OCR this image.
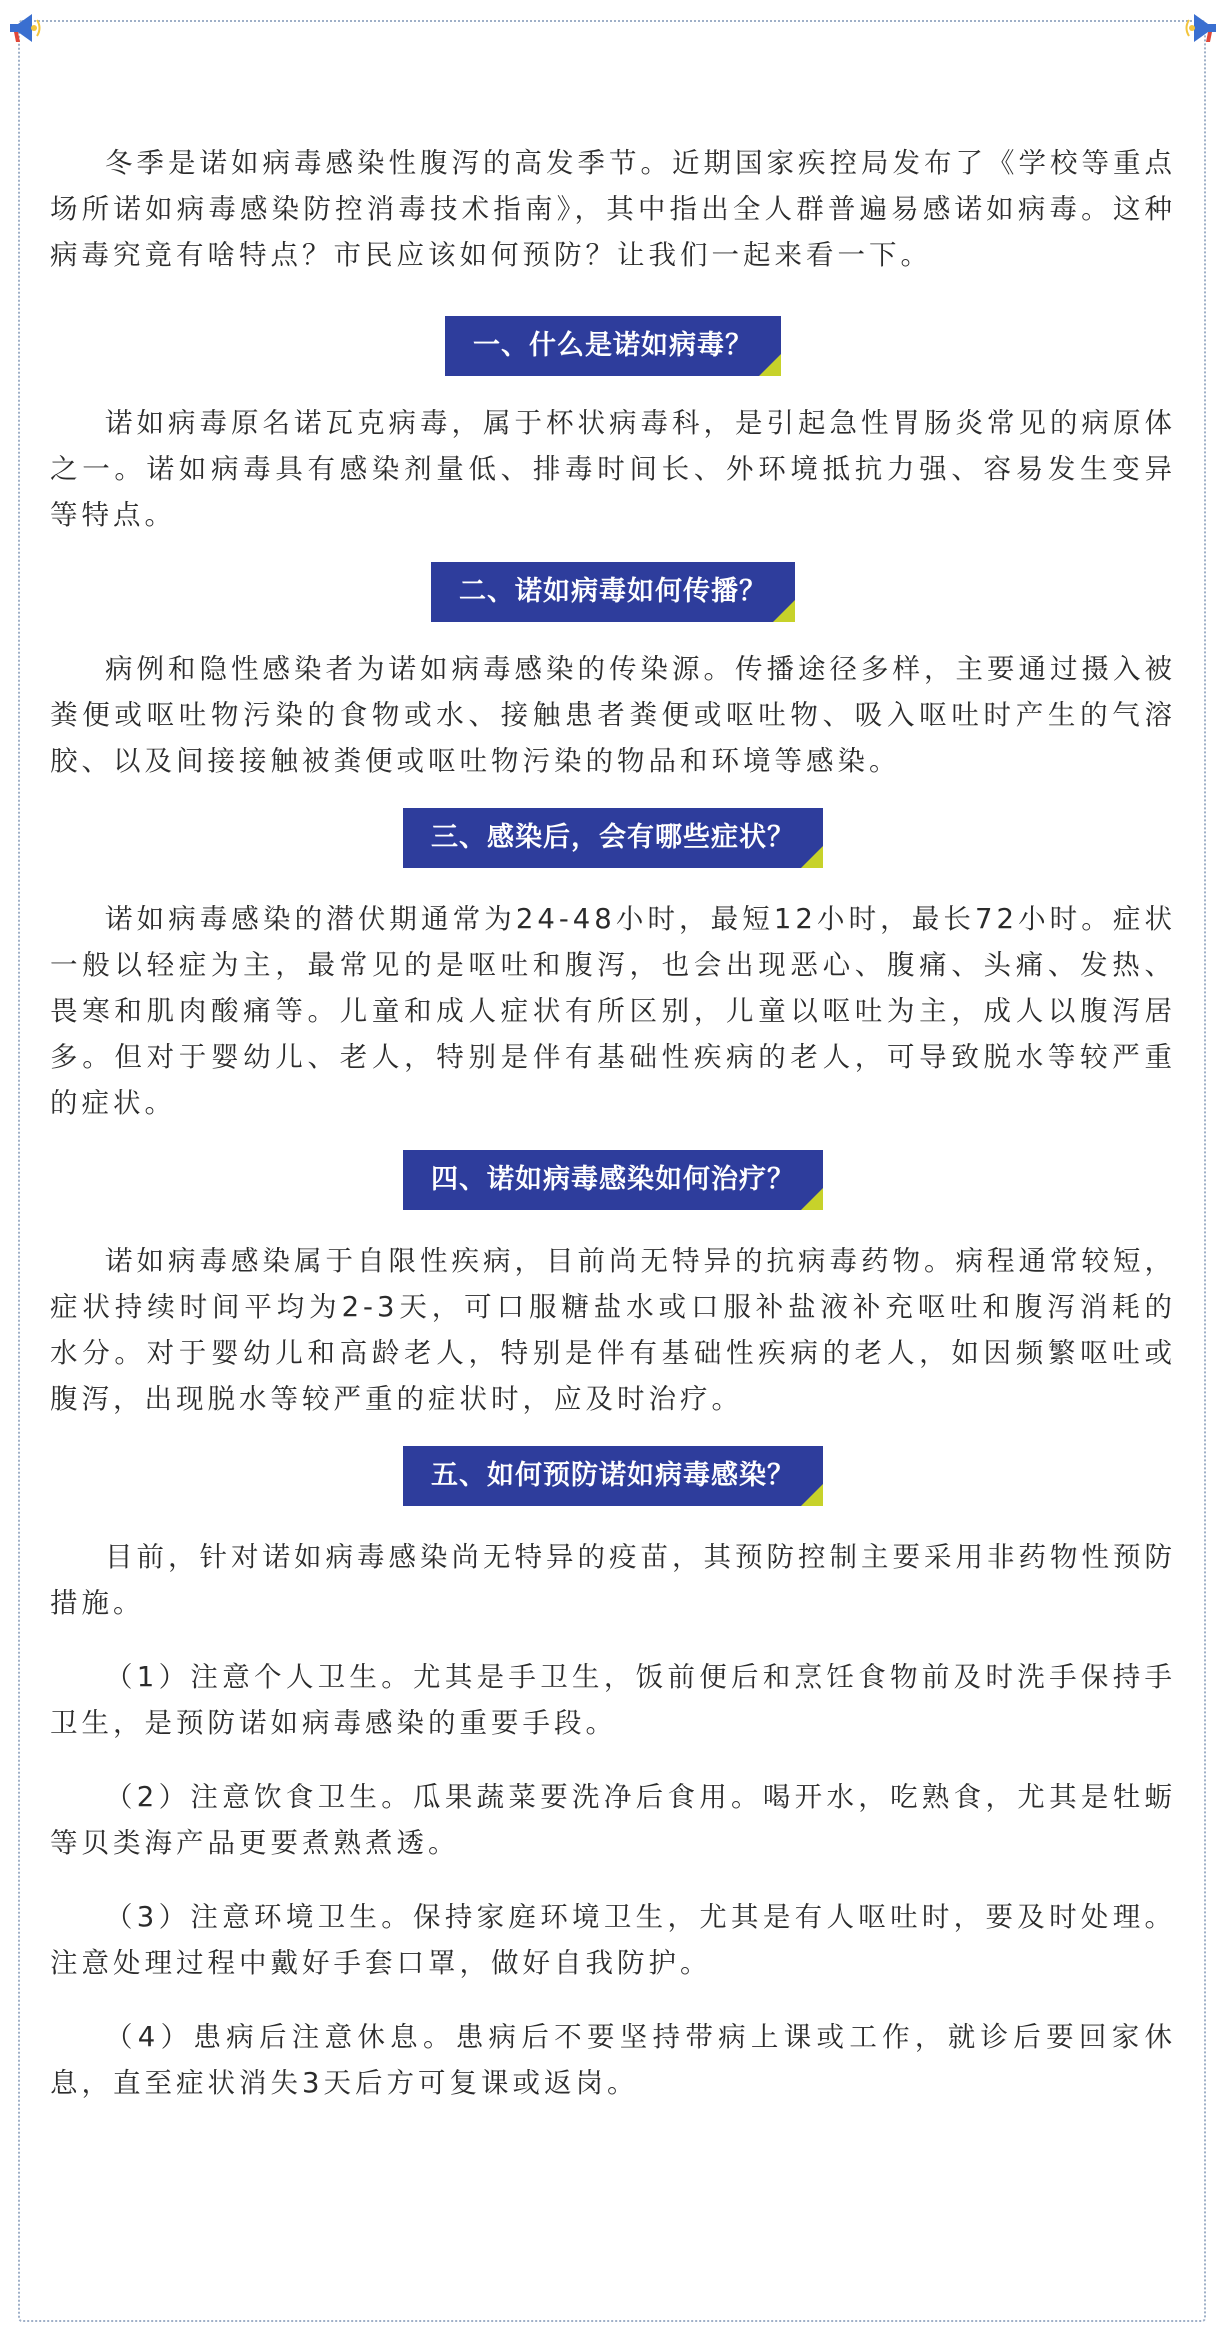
冬季是诺如病毒感染性腹泻的高发季节。近期国家疾控局发布了《学校等重点场所诺如病毒感染防控消毒技术指南》，其中指出全人群普遍易感诺如病毒。这种病毒究竟有啥特点？市民应该如何预防？让我们一起来看一下。

一、什么是诺如病毒？

诺如病毒原名诺瓦克病毒，属于杯状病毒科，是引起急性胃肠炎常见的病原体之一。诺如病毒具有感染剂量低、排毒时间长、外环境抵抗力强、容易发生变异等特点。

二、诺如病毒如何传播？

病例和隐性感染者为诺如病毒感染的传染源。传播途径多样，主要通过摄入被粪便或呕吐物污染的食物或水、接触患者粪便或呕吐物、吸入呕吐时产生的气溶胶、以及间接接触被粪便或呕吐物污染的物品和环境等感染。

三、感染后，会有哪些症状？

诺如病毒感染的潜伏期通常为24-48小时，最短12小时，最长72小时。症状一般以轻症为主，最常见的是呕吐和腹泻，也会出现恶心、腹痛、头痛、发热、畏寒和肌肉酸痛等。儿童和成人症状有所区别，儿童以呕吐为主，成人以腹泻居多。但对于婴幼儿、老人，特别是伴有基础性疾病的老人，可导致脱水等较严重的症状。

四、诺如病毒感染如何治疗？

诺如病毒感染属于自限性疾病，目前尚无特异的抗病毒药物。病程通常较短，症状持续时间平均为2-3天，可口服糖盐水或口服补盐液补充呕吐和腹泻消耗的水分。对于婴幼儿和高龄老人，特别是伴有基础性疾病的老人，如因频繁呕吐或腹泻，出现脱水等较严重的症状时，应及时治疗。

五、如何预防诺如病毒感染？

目前，针对诺如病毒感染尚无特异的疫苗，其预防控制主要采用非药物性预防措施。

（1）注意个人卫生。尤其是手卫生，饭前便后和烹饪食物前及时洗手保持手卫生，是预防诺如病毒感染的重要手段。

（2）注意饮食卫生。瓜果蔬菜要洗净后食用。喝开水，吃熟食，尤其是牡蛎等贝类海产品更要煮熟煮透。

（3）注意环境卫生。保持家庭环境卫生，尤其是有人呕吐时，要及时处理。注意处理过程中戴好手套口罩，做好自我防护。

（4）患病后注意休息。患病后不要坚持带病上课或工作，就诊后要回家休息，直至症状消失3天后方可复课或返岗。
